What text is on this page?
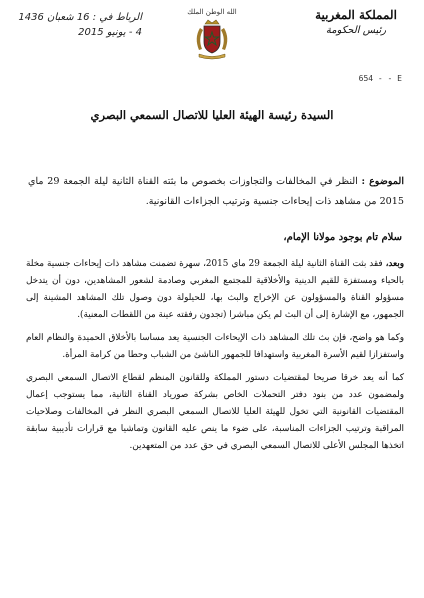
الرباط في : 16 شعبان 1436
4 - يونيو 2015
الله الوطن الملك	المملكة المغربية
رئيس الحكومة
654 - - E
السيدة رئيسة الهيئة العليا للاتصال السمعي البصري
الموضوع : النظر في المخالفات والتجاوزات بخصوص ما بثته القناة الثانية ليلة الجمعة 29 ماي 2015 من مشاهد ذات إيحاءات جنسية وترتيب الجزاءات القانونية.
سلام تام بوجود مولانا الإمام،

وبعد، فقد بثت القناة الثانية ليلة الجمعة 29 ماي 2015، سهرة تضمنت مشاهد ذات إيحاءات جنسية مخلة بالحياء ومستفزة للقيم الدينية والأخلاقية للمجتمع المغربي وصادمة لشعور المشاهدين، دون أن يتدخل مسؤولو القناة والمسؤولون عن الإخراج والبث بها، للحيلولة دون وصول تلك المشاهد المشينة إلى الجمهور، مع الإشارة إلى أن البث لم يكن مباشرا (تجدون رفقته عينة من اللقطات المعنية).

وكما هو واضح، فإن بث تلك المشاهد ذات الإيحاءات الجنسية يعد مساسا بالأخلاق الحميدة والنظام العام واستفزازا لقيم الأسرة المغربية واستهدافا للجمهور الناشئ من الشباب وحطا من كرامة المرأة.

كما أنه يعد خرقا صريحا لمقتضيات دستور المملكة وللقانون المنظم لقطاع الاتصال السمعي البصري ولمضمون عدد من بنود دفتر التحملات الخاص بشركة صورياد القناة الثانية، مما يستوجب إعمال المقتضيات القانونية التي تخول للهيئة العليا للاتصال السمعي البصري النظر في المخالفات وصلاحيات المراقبة وترتيب الجزاءات المناسبة، على ضوء ما ينص عليه القانون وتماشيا مع قرارات تأديبية سابقة اتخذها المجلس الأعلى للاتصال السمعي البصري في حق عدد من المتعهدين.
